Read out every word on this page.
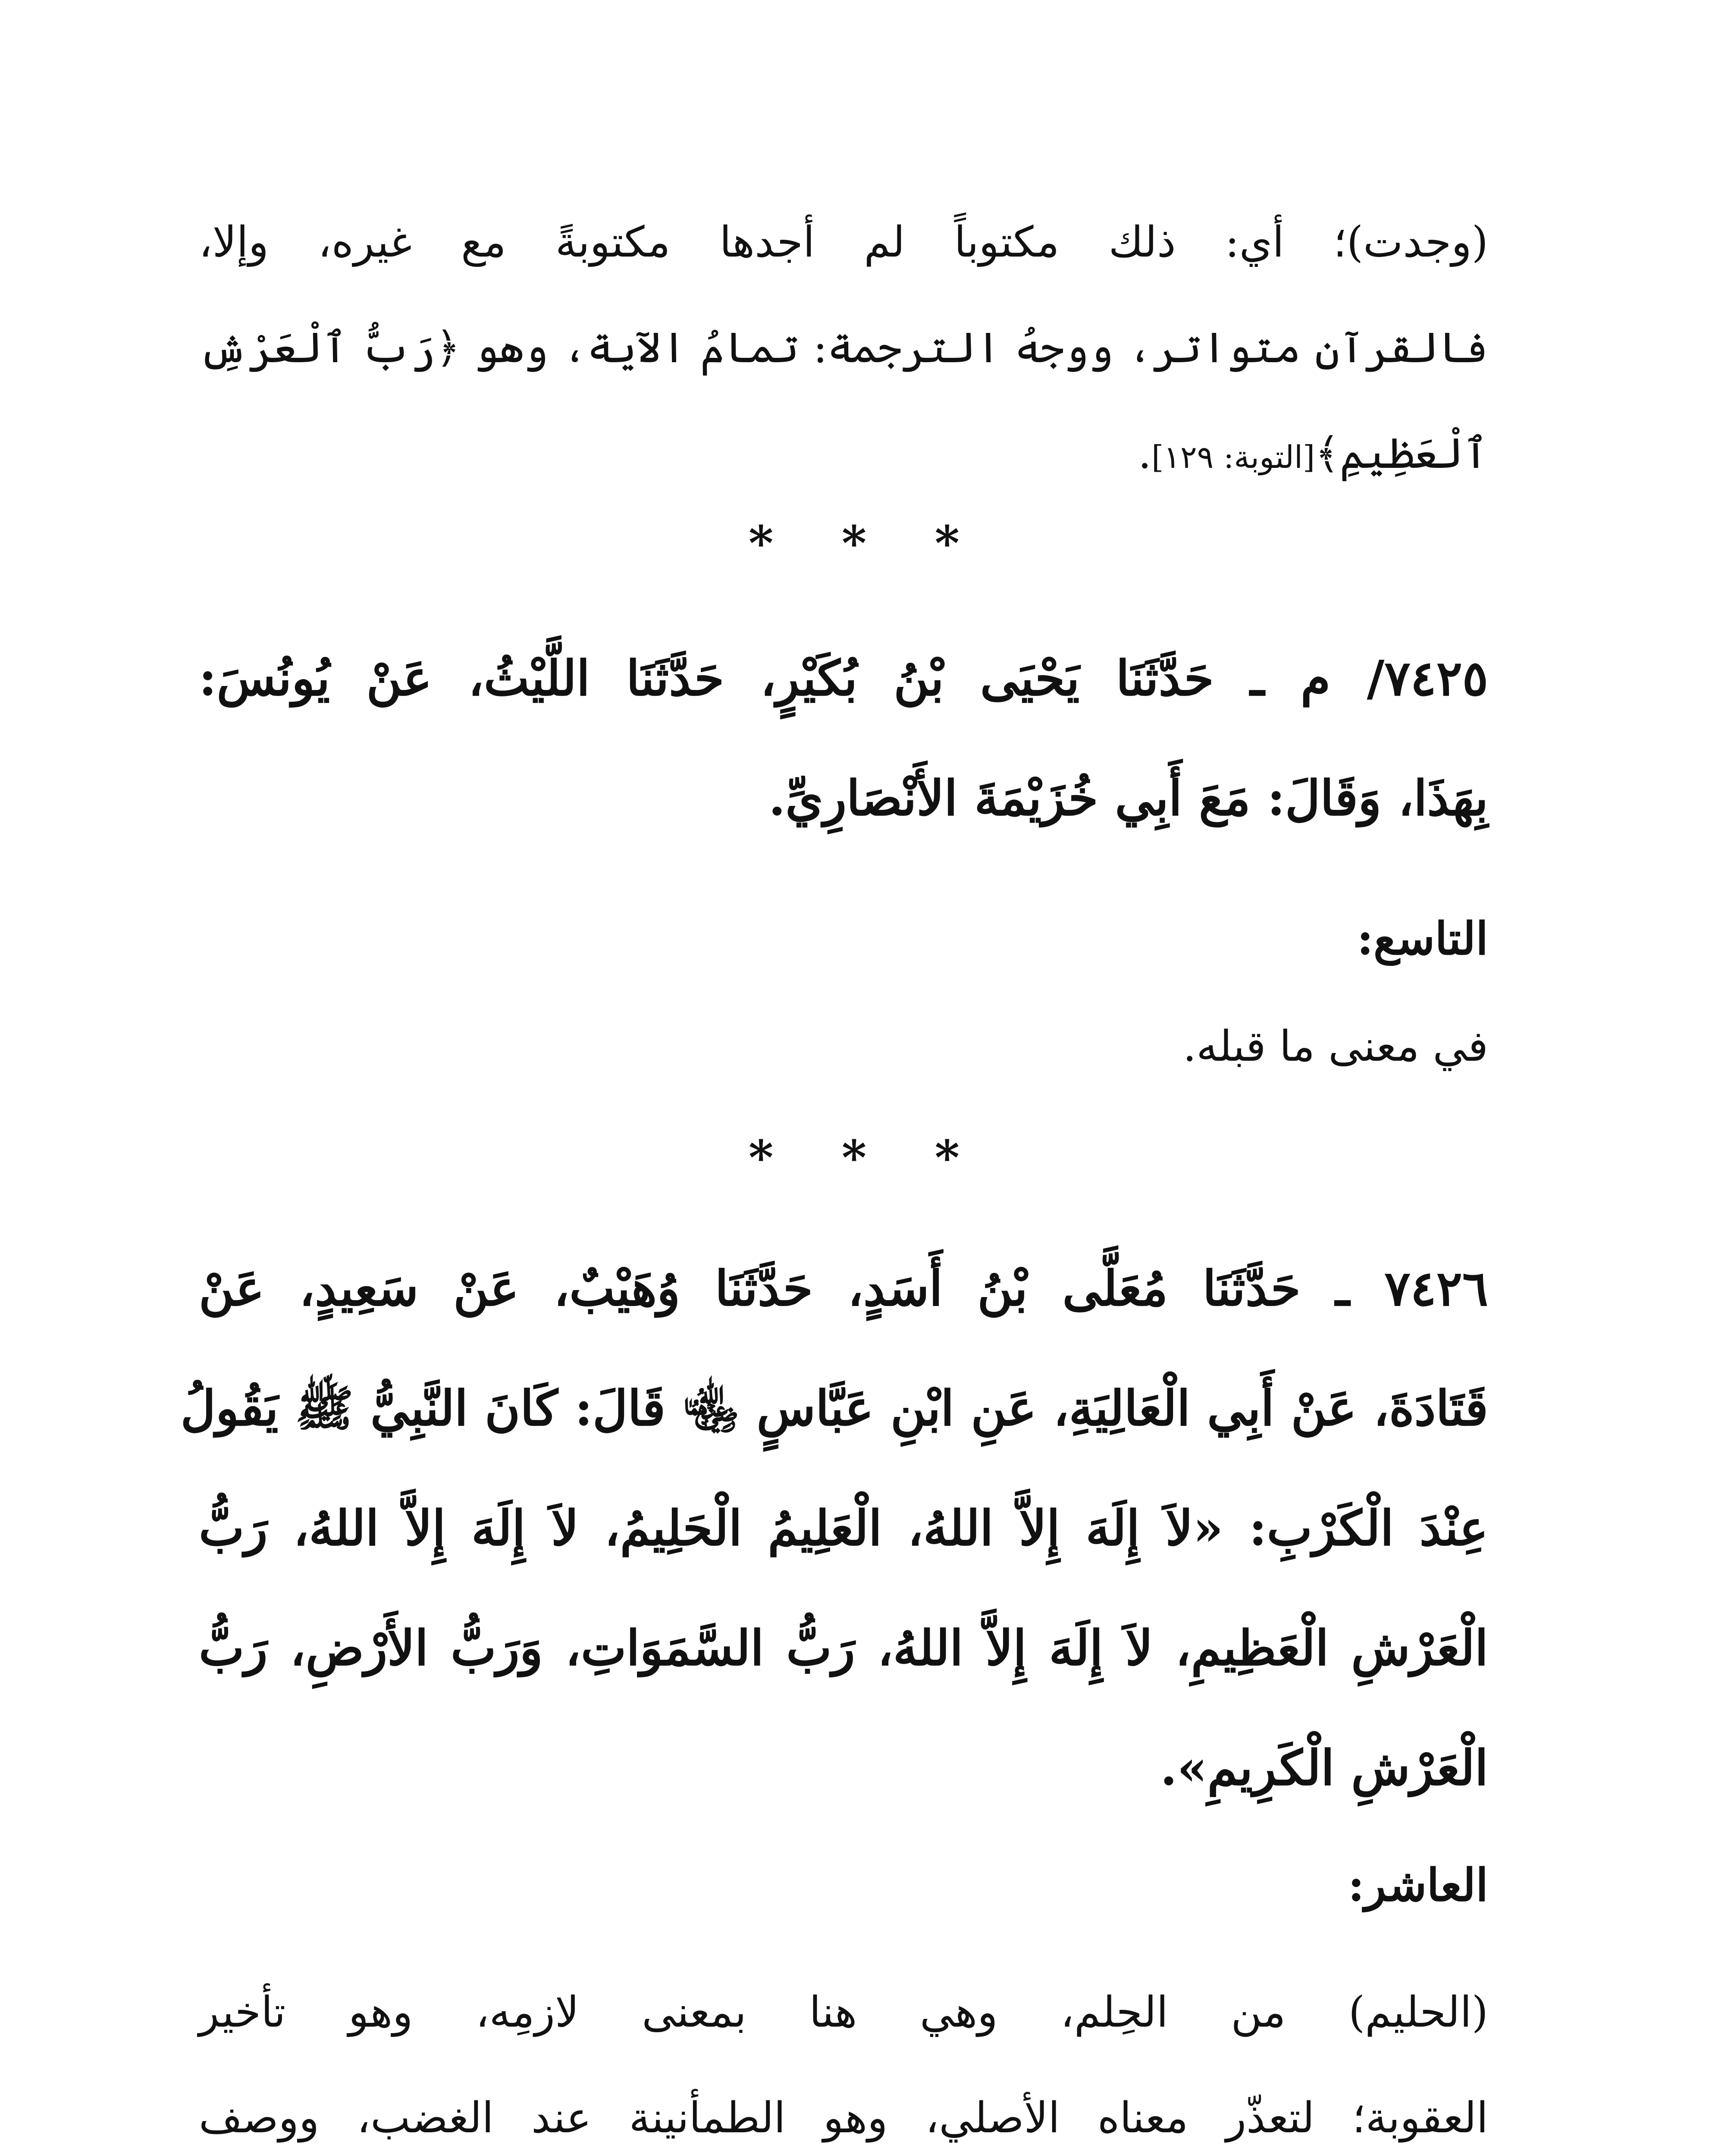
(وجدت)؛ أي: ذلك مكتوباً لم أجدها مكتوبةً مع غيره، وإلا،
فالقرآن متواتر، ووجهُ الترجمة: تمامُ الآية، وهو ﴿رَبُّ ٱلْعَرْشِ
ٱلْعَظِيمِ﴾[التوبة: ١٢٩].
* * *
٧٤٢٥/ م ـ حَدَّثَنَا يَحْيَى بْنُ بُكَيْرٍ، حَدَّثَنَا اللَّيْثُ، عَنْ يُونُسَ:
بِهَذَا، وَقَالَ: مَعَ أَبِي خُزَيْمَةَ الأَنْصَارِيِّ.
التاسع:
في معنى ما قبله.
* * *
٧٤٢٦ ـ حَدَّثَنَا مُعَلَّى بْنُ أَسَدٍ، حَدَّثَنَا وُهَيْبٌ، عَنْ سَعِيدٍ، عَنْ
قَتَادَةَ، عَنْ أَبِي الْعَالِيَةِ، عَنِ ابْنِ عَبَّاسٍ ﵄ قَالَ: كَانَ النَّبِيُّ ﷺ يَقُولُ
عِنْدَ الْكَرْبِ: «لاَ إِلَهَ إِلاَّ اللهُ، الْعَلِيمُ الْحَلِيمُ، لاَ إِلَهَ إِلاَّ اللهُ، رَبُّ
الْعَرْشِ الْعَظِيمِ، لاَ إِلَهَ إِلاَّ اللهُ، رَبُّ السَّمَوَاتِ، وَرَبُّ الأَرْضِ، رَبُّ
الْعَرْشِ الْكَرِيمِ».
العاشر:
(الحليم) من الحِلم، وهي هنا بمعنى لازمِه، وهو تأخير
العقوبة؛ لتعذّر معناه الأصلي، وهو الطمأنينة عند الغضب، ووصف
